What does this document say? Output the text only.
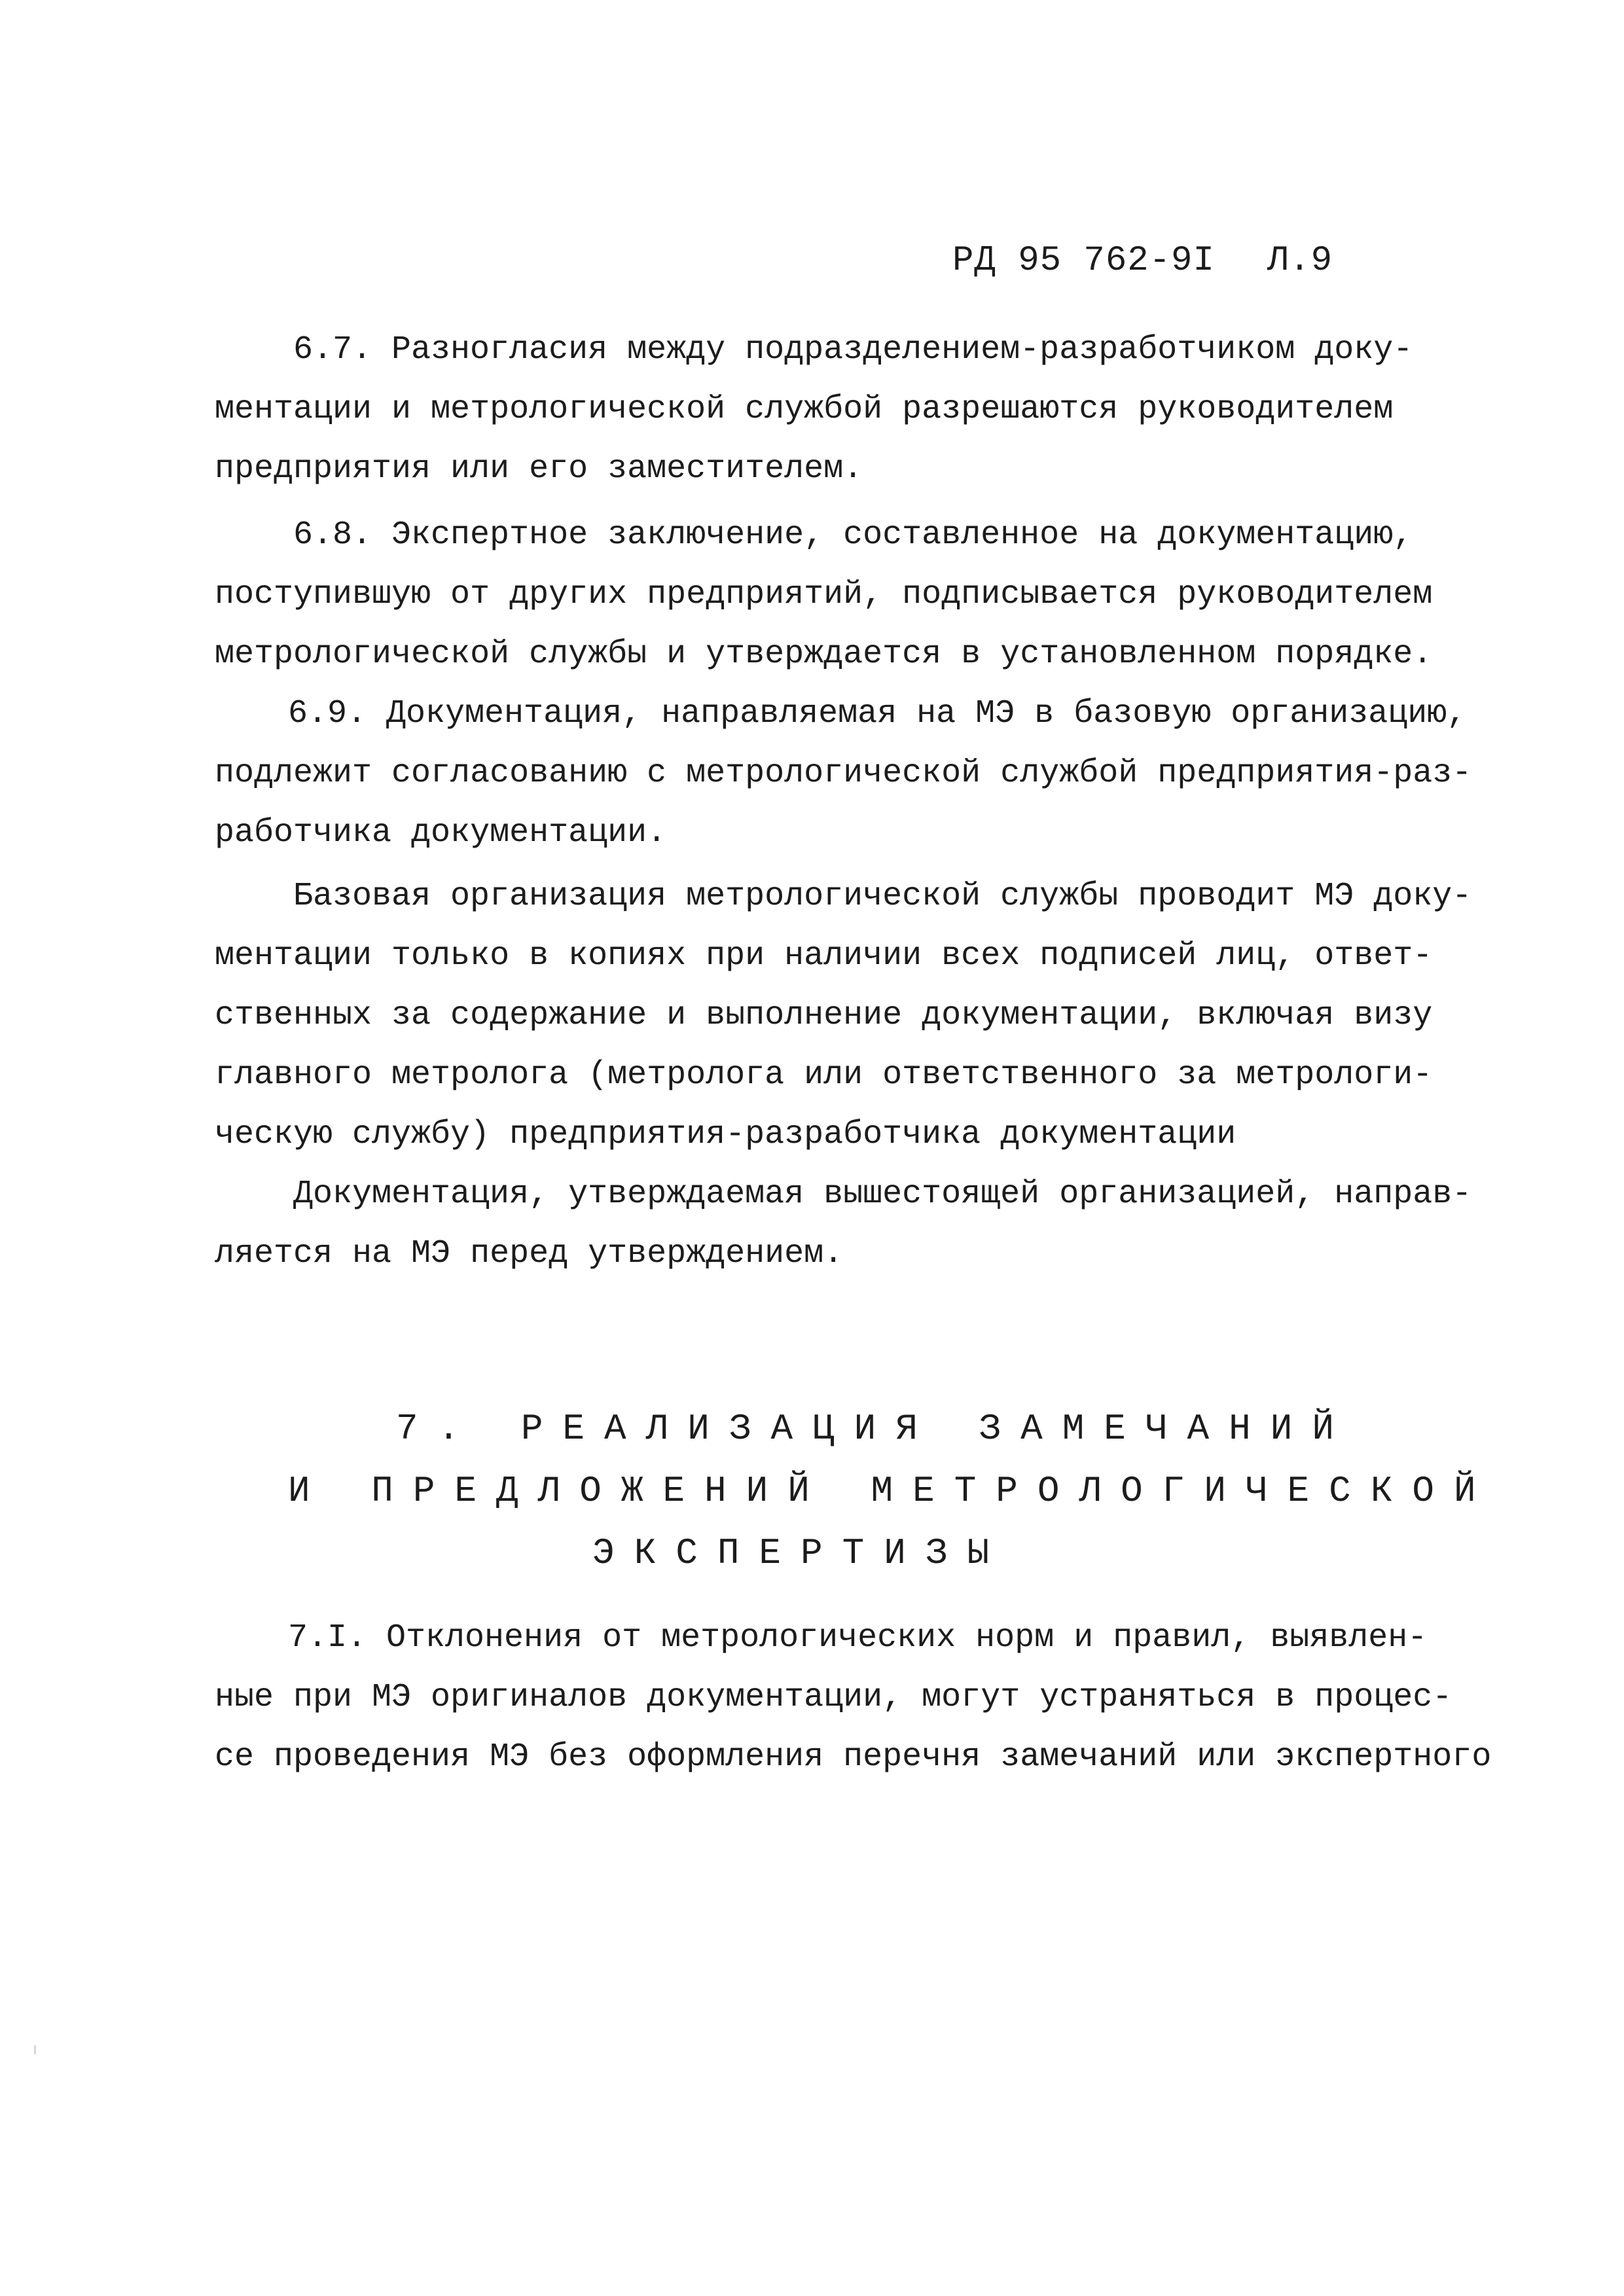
РД 95 762-9I Л.9
6.7. Разногласия между подразделением-разработчиком доку-
ментации и метрологической службой разрешаются руководителем
предприятия или его заместителем.
6.8. Экспертное заключение, составленное на документацию,
поступившую от других предприятий, подписывается руководителем
метрологической службы и утверждается в установленном порядке.
6.9. Документация, направляемая на МЭ в базовую организацию,
подлежит согласованию с метрологической службой предприятия-раз-
работчика документации.
Базовая организация метрологической службы проводит МЭ доку-
ментации только в копиях при наличии всех подписей лиц, ответ-
ственных за содержание и выполнение документации, включая визу
главного метролога (метролога или ответственного за метрологи-
ческую службу) предприятия-разработчика документации
Документация, утверждаемая вышестоящей организацией, направ-
ляется на МЭ перед утверждением.
7. РЕАЛИЗАЦИЯ ЗАМЕЧАНИЙ
И ПРЕДЛОЖЕНИЙ МЕТРОЛОГИЧЕСКОЙ
ЭКСПЕРТИЗЫ
7.I. Отклонения от метрологических норм и правил, выявлен-
ные при МЭ оригиналов документации, могут устраняться в процес-
се проведения МЭ без оформления перечня замечаний или экспертного
